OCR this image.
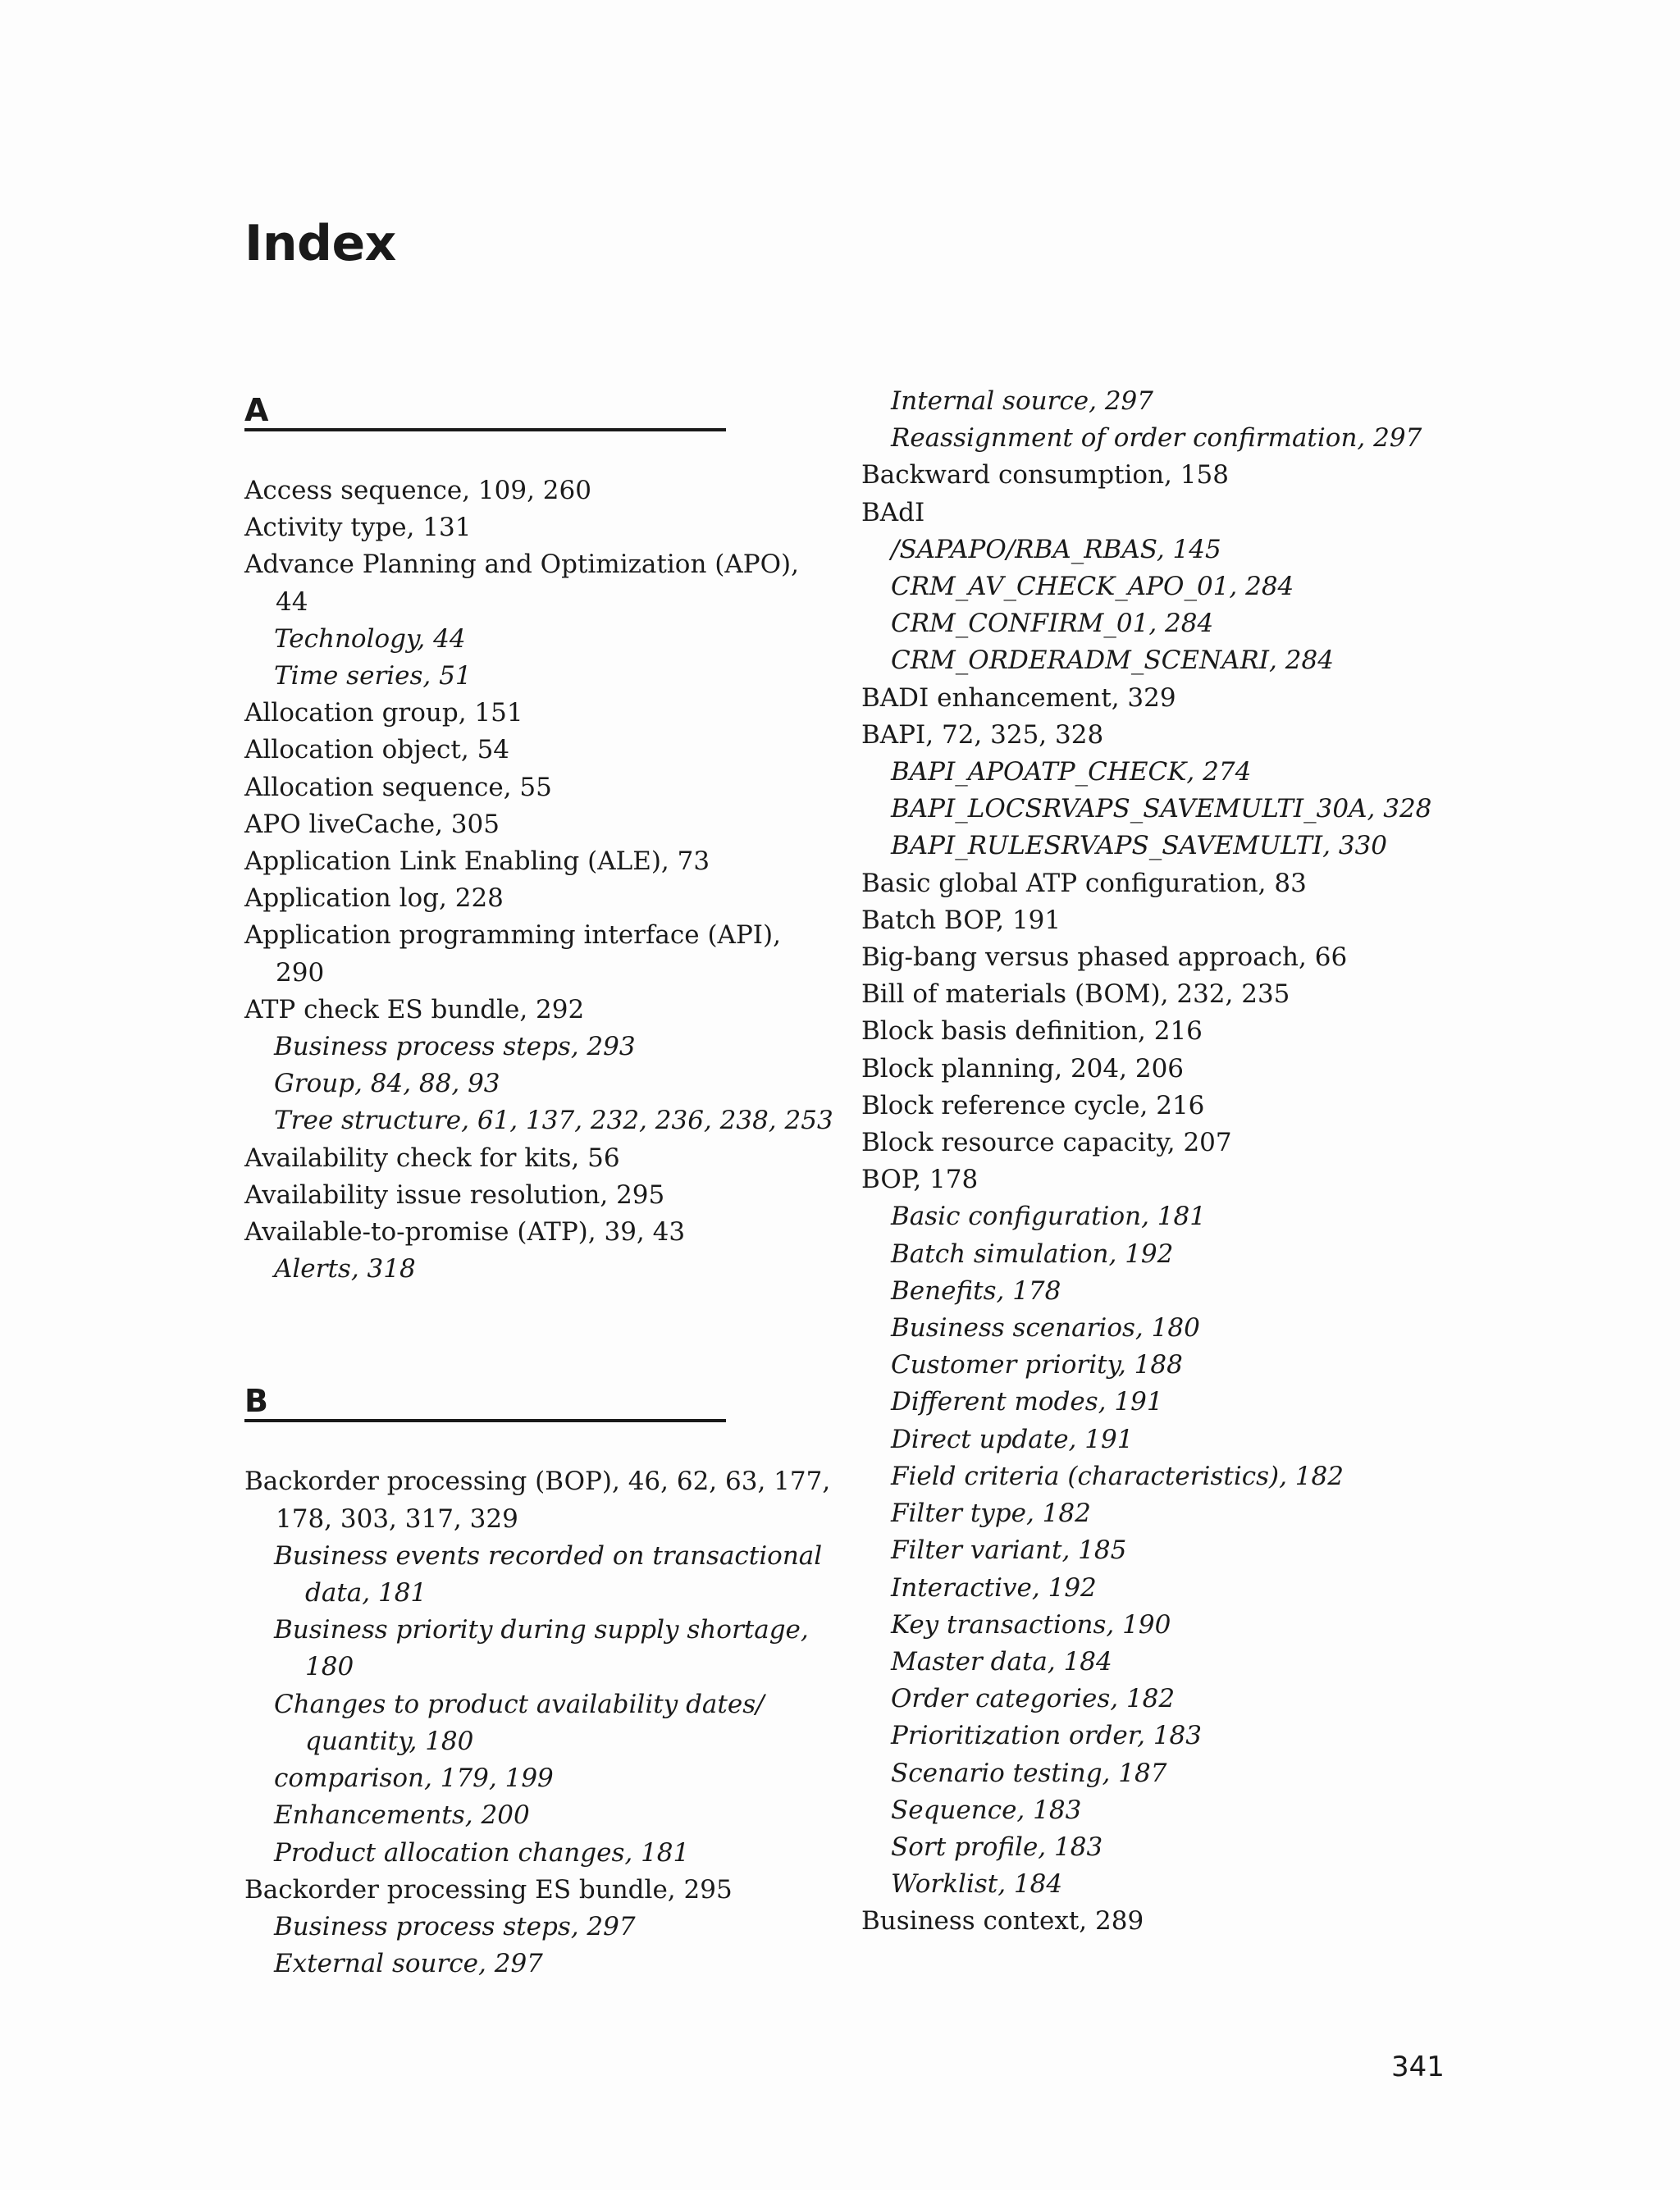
Index
A
Access sequence, 109, 260
Activity type, 131
Advance Planning and Optimization (APO), 44
Technology, 44
Time series, 51
Allocation group, 151
Allocation object, 54
Allocation sequence, 55
APO liveCache, 305
Application Link Enabling (ALE), 73
Application log, 228
Application programming interface (API), 290
ATP check ES bundle, 292
Business process steps, 293
Group, 84, 88, 93
Tree structure, 61, 137, 232, 236, 238, 253
Availability check for kits, 56
Availability issue resolution, 295
Available-to-promise (ATP), 39, 43
Alerts, 318
B
Backorder processing (BOP), 46, 62, 63, 177, 178, 303, 317, 329
Business events recorded on transactional data, 181
Business priority during supply shortage, 180
Changes to product availability dates/ quantity, 180
comparison, 179, 199
Enhancements, 200
Product allocation changes, 181
Backorder processing ES bundle, 295
Business process steps, 297
External source, 297
Internal source, 297
Reassignment of order confirmation, 297
Backward consumption, 158
BAdI
/SAPAPO/RBA_RBAS, 145
CRM_AV_CHECK_APO_01, 284
CRM_CONFIRM_01, 284
CRM_ORDERADM_SCENARI, 284
BADI enhancement, 329
BAPI, 72, 325, 328
BAPI_APOATP_CHECK, 274
BAPI_LOCSRVAPS_SAVEMULTI_30A, 328
BAPI_RULESRVAPS_SAVEMULTI, 330
Basic global ATP configuration, 83
Batch BOP, 191
Big-bang versus phased approach, 66
Bill of materials (BOM), 232, 235
Block basis definition, 216
Block planning, 204, 206
Block reference cycle, 216
Block resource capacity, 207
BOP, 178
Basic configuration, 181
Batch simulation, 192
Benefits, 178
Business scenarios, 180
Customer priority, 188
Different modes, 191
Direct update, 191
Field criteria (characteristics), 182
Filter type, 182
Filter variant, 185
Interactive, 192
Key transactions, 190
Master data, 184
Order categories, 182
Prioritization order, 183
Scenario testing, 187
Sequence, 183
Sort profile, 183
Worklist, 184
Business context, 289
341
